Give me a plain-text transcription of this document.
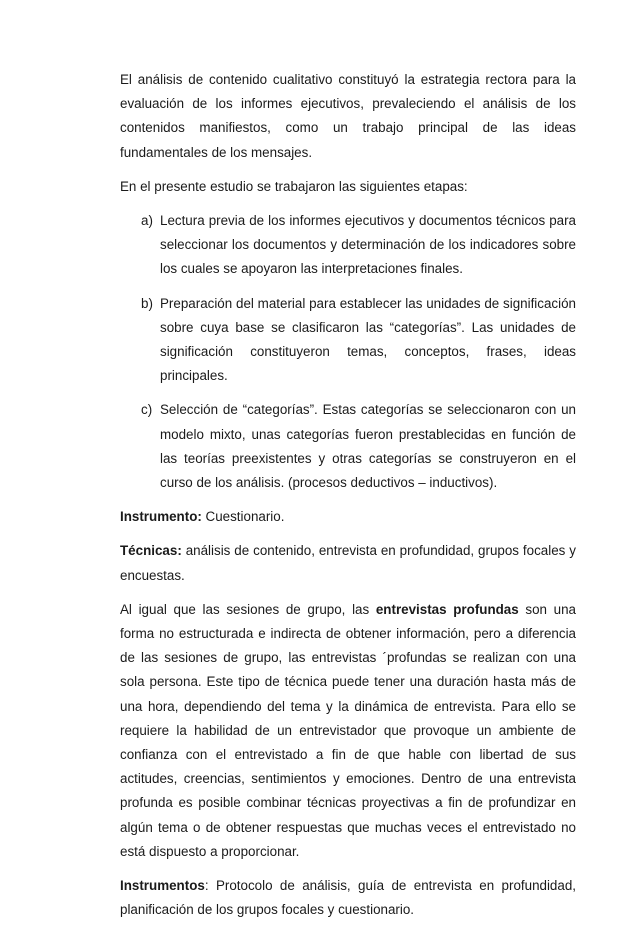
El análisis de contenido cualitativo constituyó la estrategia rectora para la evaluación de los informes ejecutivos, prevaleciendo el análisis de los contenidos manifiestos, como un trabajo principal de las ideas fundamentales de los mensajes.

En el presente estudio se trabajaron las siguientes etapas:

a) Lectura previa de los informes ejecutivos y documentos técnicos para seleccionar los documentos y determinación de los indicadores sobre los cuales se apoyaron las interpretaciones finales.
b) Preparación del material para establecer las unidades de significación sobre cuya base se clasificaron las “categorías”. Las unidades de significación constituyeron temas, conceptos, frases, ideas principales.
c) Selección de “categorías”. Estas categorías se seleccionaron con un modelo mixto, unas categorías fueron prestablecidas en función de las teorías preexistentes y otras categorías se construyeron en el curso de los análisis. (procesos deductivos – inductivos).

Instrumento: Cuestionario.

Técnicas: análisis de contenido, entrevista en profundidad, grupos focales y encuestas.

Al igual que las sesiones de grupo, las entrevistas profundas son una forma no estructurada e indirecta de obtener información, pero a diferencia de las sesiones de grupo, las entrevistas ´profundas se realizan con una sola persona. Este tipo de técnica puede tener una duración hasta más de una hora, dependiendo del tema y la dinámica de entrevista. Para ello se requiere la habilidad de un entrevistador que provoque un ambiente de confianza con el entrevistado a fin de que hable con libertad de sus actitudes, creencias, sentimientos y emociones. Dentro de una entrevista profunda es posible combinar técnicas proyectivas a fin de profundizar en algún tema o de obtener respuestas que muchas veces el entrevistado no está dispuesto a proporcionar.

Instrumentos: Protocolo de análisis, guía de entrevista en profundidad, planificación de los grupos focales y cuestionario.
